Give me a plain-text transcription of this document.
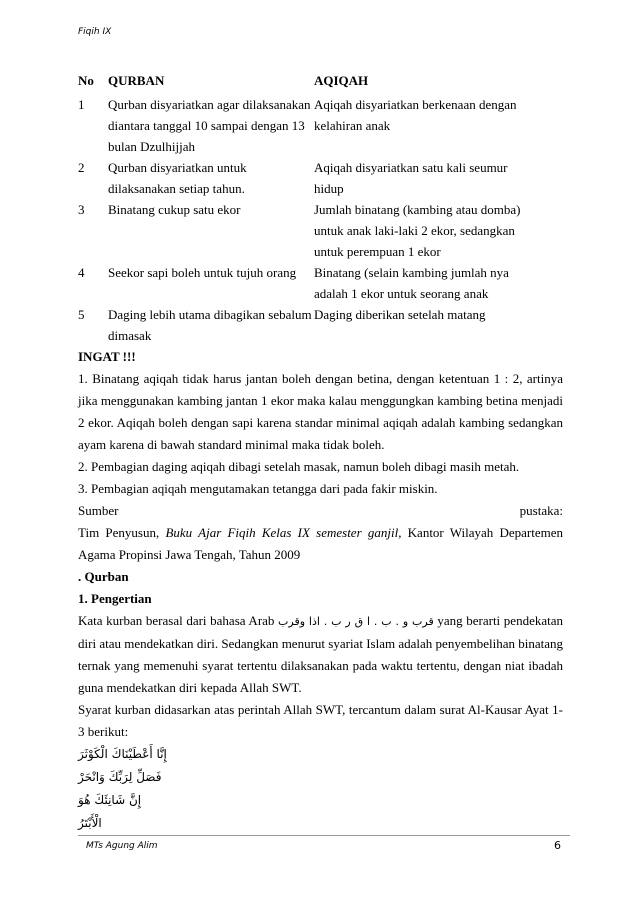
Fiqih IX
No	QURBAN	AQIQAH
1	Qurban disyariatkan agar dilaksanakan diantara tanggal 10 sampai dengan 13 bulan Dzulhijjah	Aqiqah disyariatkan berkenaan dengan kelahiran anak
2	Qurban disyariatkan untuk dilaksanakan setiap tahun.	Aqiqah disyariatkan satu kali seumur hidup
3	Binatang cukup satu ekor	Jumlah binatang (kambing atau domba) untuk anak laki-laki 2 ekor, sedangkan untuk perempuan 1 ekor
4	Seekor sapi boleh untuk tujuh orang	Binatang (selain kambing jumlah nya adalah 1 ekor untuk seorang anak
5	Daging lebih utama dibagikan sebalum dimasak	Daging diberikan setelah matang

INGAT !!!

1. Binatang aqiqah tidak harus jantan boleh dengan betina, dengan ketentuan 1 : 2, artinya jika menggunakan kambing jantan 1 ekor maka kalau menggungkan kambing betina menjadi 2 ekor. Aqiqah boleh dengan sapi karena standar minimal aqiqah adalah kambing sedangkan ayam karena di bawah standard minimal maka tidak boleh.

2. Pembagian daging aqiqah dibagi setelah masak, namun boleh dibagi masih metah.

3. Pembagian aqiqah mengutamakan tetangga dari pada fakir miskin.

Sumber	pustaka:

Tim Penyusun, Buku Ajar Fiqih Kelas IX semester ganjil, Kantor Wilayah Departemen Agama Propinsi Jawa Tengah, Tahun 2009

. Qurban

1. Pengertian

Kata kurban berasal dari bahasa Arab قرب و . ب . ا ق ر ب . اذا وقرب yang berarti pendekatan diri atau mendekatkan diri. Sedangkan menurut syariat Islam adalah penyembelihan binatang ternak yang memenuhi syarat tertentu dilaksanakan pada waktu tertentu, dengan niat ibadah guna mendekatkan diri kepada Allah SWT.

Syarat kurban didasarkan atas perintah Allah SWT, tercantum dalam surat Al-Kausar Ayat 1-3 berikut:

إِنَّا أَعْطَيْنَاكَ الْكَوْثَرَ
فَصَلِّ لِرَبِّكَ وَانْحَرْ
إِنَّ شَانِئَكَ هُوَ الْأَبْتَرُ
MTs Agung Alim	6
